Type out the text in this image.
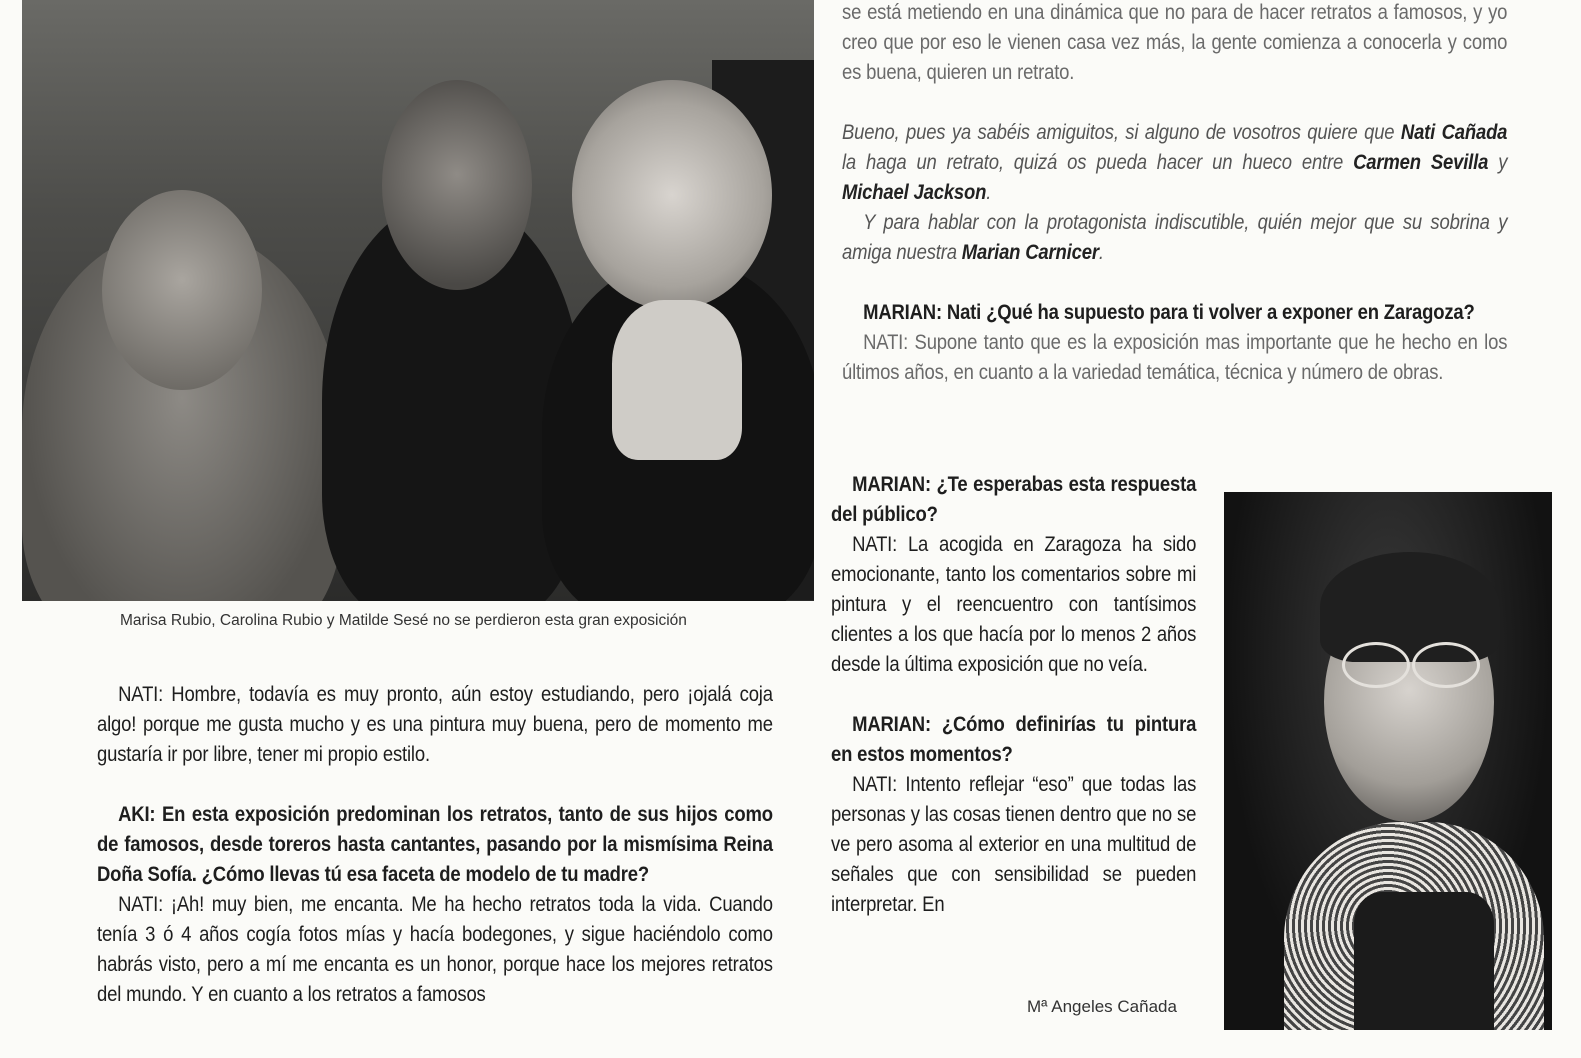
Marisa Rubio, Carolina Rubio y Matilde Sesé no se perdieron esta gran exposición

se está metiendo en una dinámica que no para de hacer retratos a famosos, y yo creo que por eso le vienen casa vez más, la gente comienza a conocerla y como es buena, quieren un retrato.

Bueno, pues ya sabéis amiguitos, si alguno de vosotros quiere que Nati Cañada la haga un retrato, quizá os pueda hacer un hueco entre Carmen Sevilla y Michael Jackson.

Y para hablar con la protagonista indiscutible, quién mejor que su sobrina y amiga nuestra Marian Carnicer.

MARIAN: Nati ¿Qué ha supuesto para ti volver a exponer en Zaragoza?

NATI: Supone tanto que es la exposición mas importante que he hecho en los últimos años, en cuanto a la variedad temática, técnica y número de obras.

MARIAN: ¿Te esperabas esta respuesta del público?

NATI: La acogida en Zaragoza ha sido emocionante, tanto los comentarios sobre mi pintura y el reencuentro con tantísimos clientes a los que hacía por lo menos 2 años desde la última exposición que no veía.

MARIAN: ¿Cómo definirías tu pintura en estos momentos?

NATI: Intento reflejar “eso” que todas las personas y las cosas tienen dentro que no se ve pero asoma al exterior en una multitud de señales que con sensibilidad se pueden interpretar. En

Mª Angeles Cañada

NATI: Hombre, todavía es muy pronto, aún estoy estudiando, pero ¡ojalá coja algo! porque me gusta mucho y es una pintura muy buena, pero de momento me gustaría ir por libre, tener mi propio estilo.

AKI: En esta exposición predominan los retratos, tanto de sus hijos como de famosos, desde toreros hasta cantantes, pasando por la mismísima Reina Doña Sofía. ¿Cómo llevas tú esa faceta de modelo de tu madre?

NATI: ¡Ah! muy bien, me encanta. Me ha hecho retratos toda la vida. Cuando tenía 3 ó 4 años cogía fotos mías y hacía bodegones, y sigue haciéndolo como habrás visto, pero a mí me encanta es un honor, porque hace los mejores retratos del mundo. Y en cuanto a los retratos a famosos
